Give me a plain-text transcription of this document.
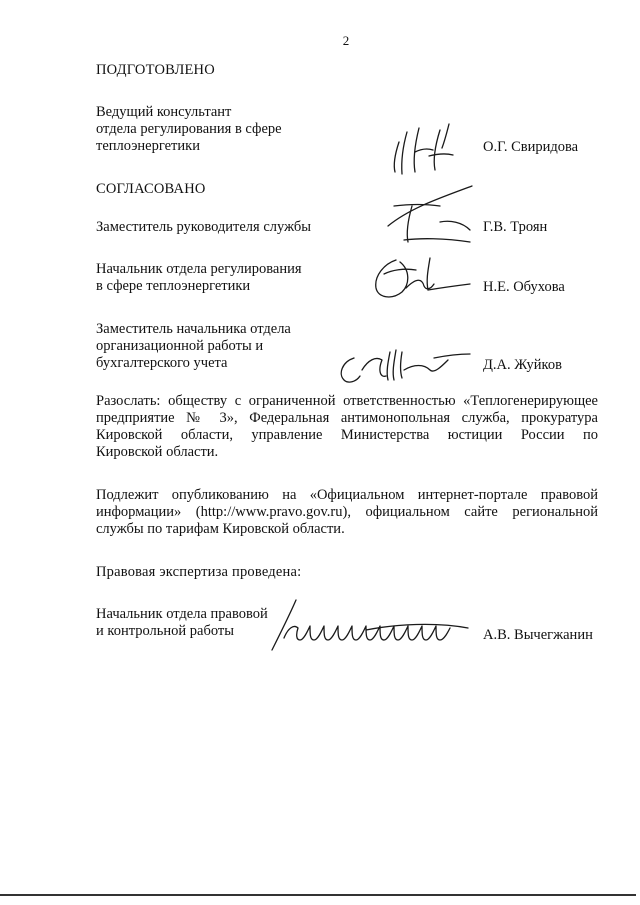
2
ПОДГОТОВЛЕНО
Ведущий консультант
отдела регулирования в сфере
теплоэнергетики	О.Г. Свиридова
СОГЛАСОВАНО
Заместитель руководителя службы	Г.В. Троян
Начальник отдела регулирования
в сфере теплоэнергетики	Н.Е. Обухова
Заместитель начальника отдела
организационной работы и
бухгалтерского учета	Д.А. Жуйков
Разослать: обществу с ограниченной ответственностью «Теплогенерирующее
предприятие № 3», Федеральная антимонопольная служба, прокуратура
Кировской области, управление Министерства юстиции России по
Кировской области.
Подлежит опубликованию на «Официальном интернет-портале правовой
информации» (http://www.pravo.gov.ru), официальном сайте региональной
службы по тарифам Кировской области.
Правовая экспертиза проведена:
Начальник отдела правовой
и контрольной работы	А.В. Вычегжанин
